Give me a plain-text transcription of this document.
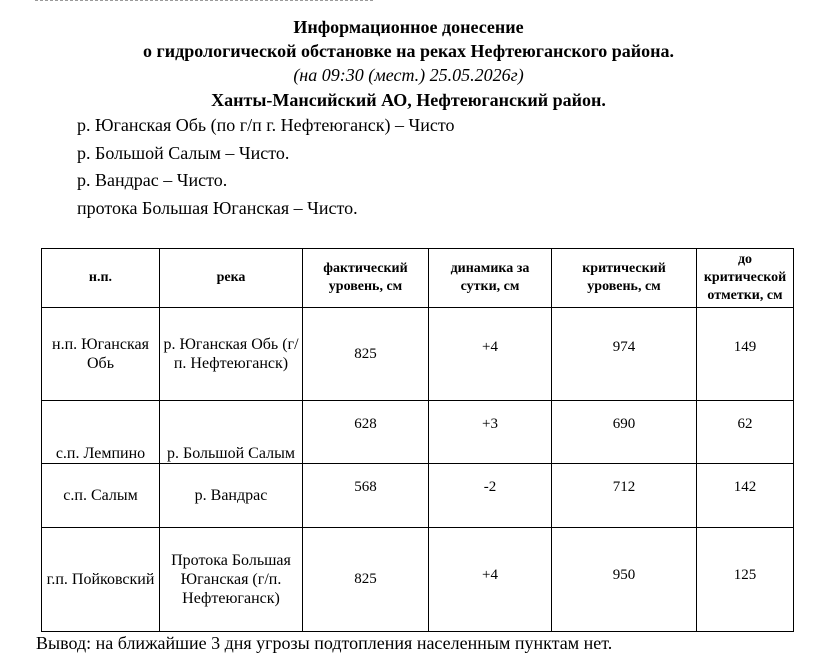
Информационное донесение
о гидрологической обстановке на реках Нефтеюганского района.
(на 09:30 (мест.) 25.05.2026г)
Ханты-Мансийский АО, Нефтеюганский район.
р. Юганская Обь (по г/п г. Нефтеюганск) – Чисто
р. Большой Салым – Чисто.
р. Вандрас – Чисто.
протока Большая Юганская – Чисто.
н.п.	река	фактический уровень, см	динамика за сутки, см	критический уровень, см	до критической отметки, см
н.п. Юганская Обь	р. Юганская Обь (г/п. Нефтеюганск)	825	+4	974	149
с.п. Лемпино	р. Большой Салым	628	+3	690	62
с.п. Салым	р. Вандрас	568	-2	712	142
г.п. Пойковский	Протока Большая Юганская (г/п. Нефтеюганск)	825	+4	950	125
Вывод: на ближайшие 3 дня угрозы подтопления населенным пунктам нет.
